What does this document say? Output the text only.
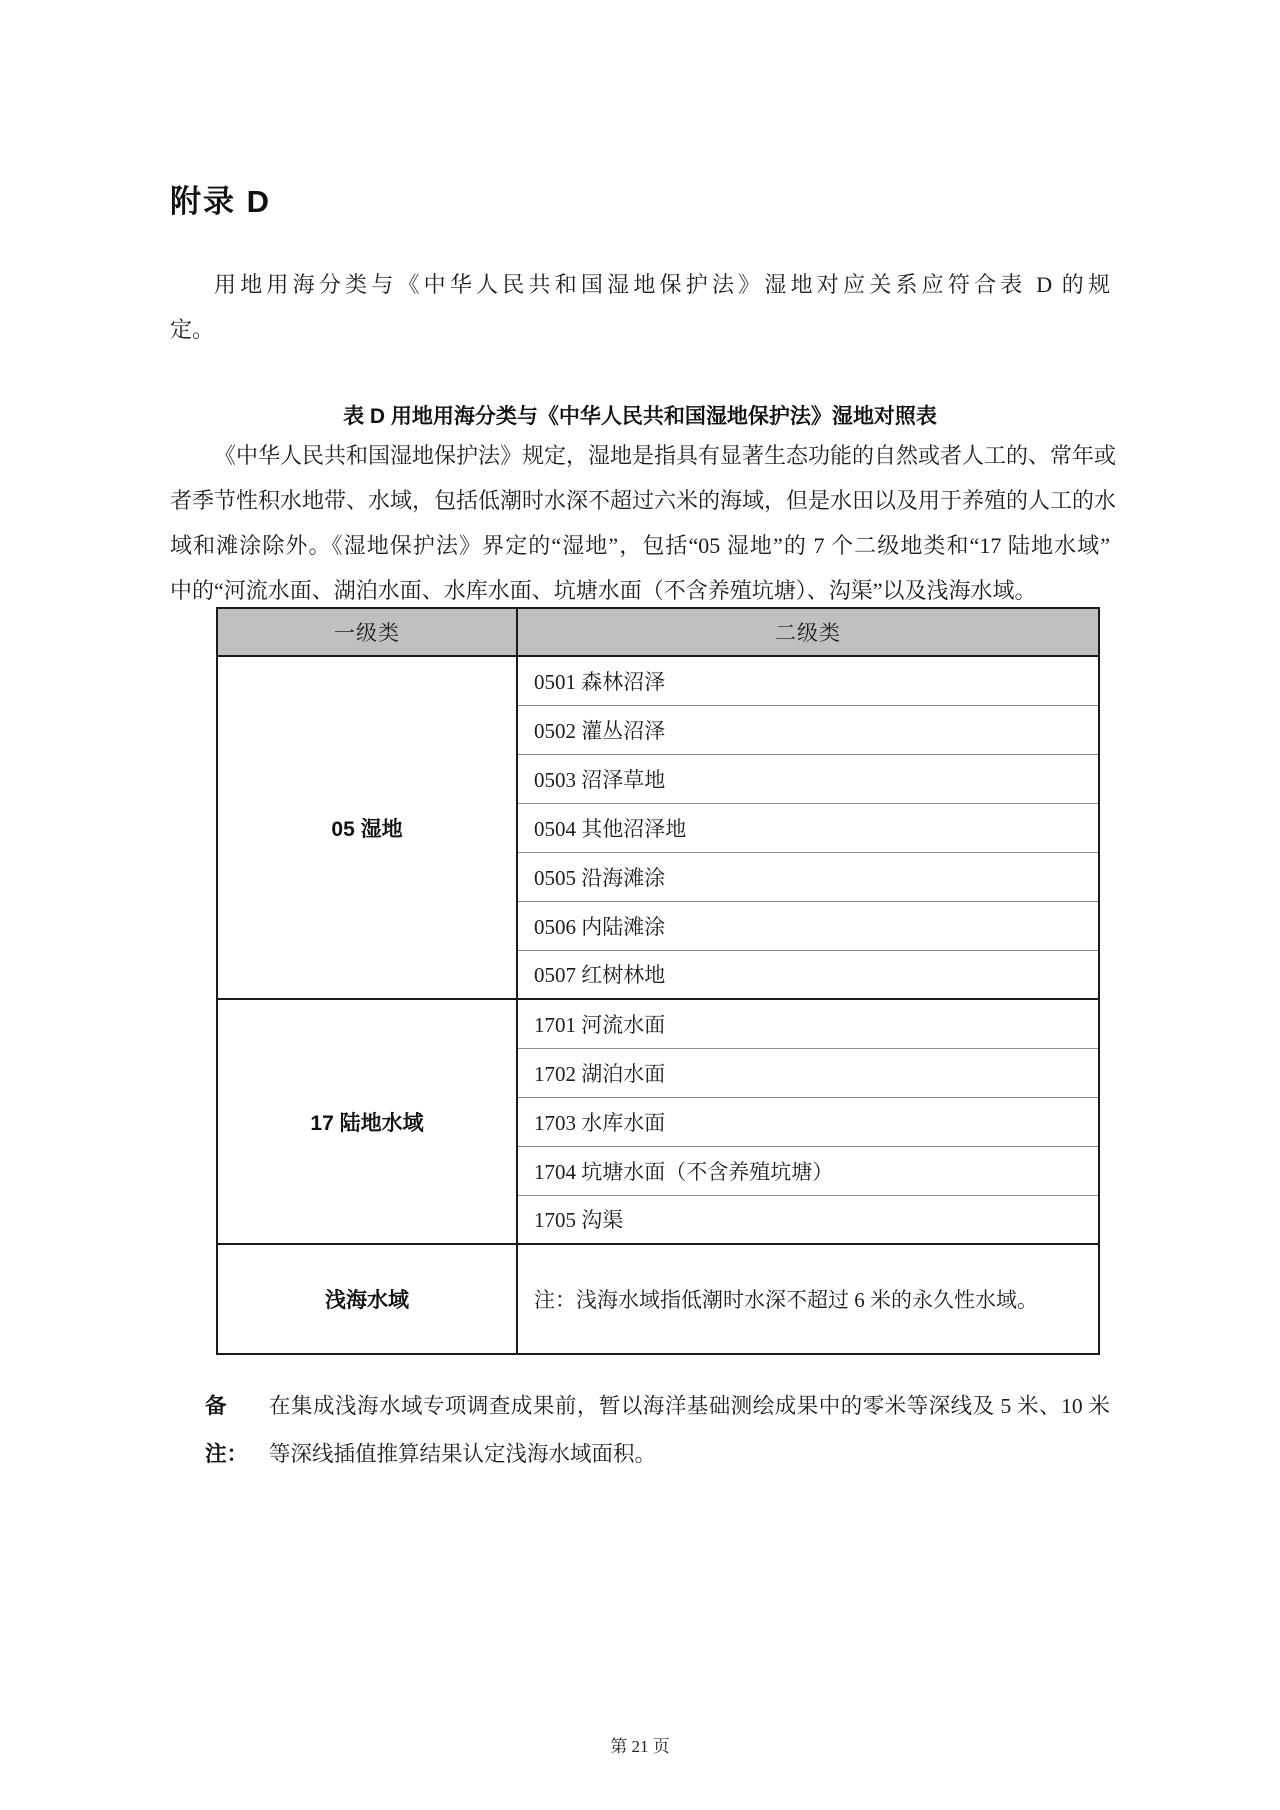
附录 D
用地用海分类与《中华人民共和国湿地保护法》湿地对应关系应符合表 D 的规
定。
表 D 用地用海分类与《中华人民共和国湿地保护法》湿地对照表
《中华人民共和国湿地保护法》规定，湿地是指具有显著生态功能的自然或者人工的、常年或
者季节性积水地带、水域，包括低潮时水深不超过六米的海域，但是水田以及用于养殖的人工的水
域和滩涂除外。《湿地保护法》界定的“湿地”，包括“05 湿地”的 7 个二级地类和“17 陆地水域”
中的“河流水面、湖泊水面、水库水面、坑塘水面（不含养殖坑塘）、沟渠”以及浅海水域。
一级类	二级类
05 湿地	0501 森林沼泽
	0502 灌丛沼泽
	0503 沼泽草地
	0504 其他沼泽地
	0505 沿海滩涂
	0506 内陆滩涂
	0507 红树林地
17 陆地水域	1701 河流水面
	1702 湖泊水面
	1703 水库水面
	1704 坑塘水面（不含养殖坑塘）
	1705 沟渠
浅海水域	注：浅海水域指低潮时水深不超过 6 米的永久性水域。
备注：
在集成浅海水域专项调查成果前，暂以海洋基础测绘成果中的零米等深线及 5 米、10 米
等深线插值推算结果认定浅海水域面积。
第 21 页
